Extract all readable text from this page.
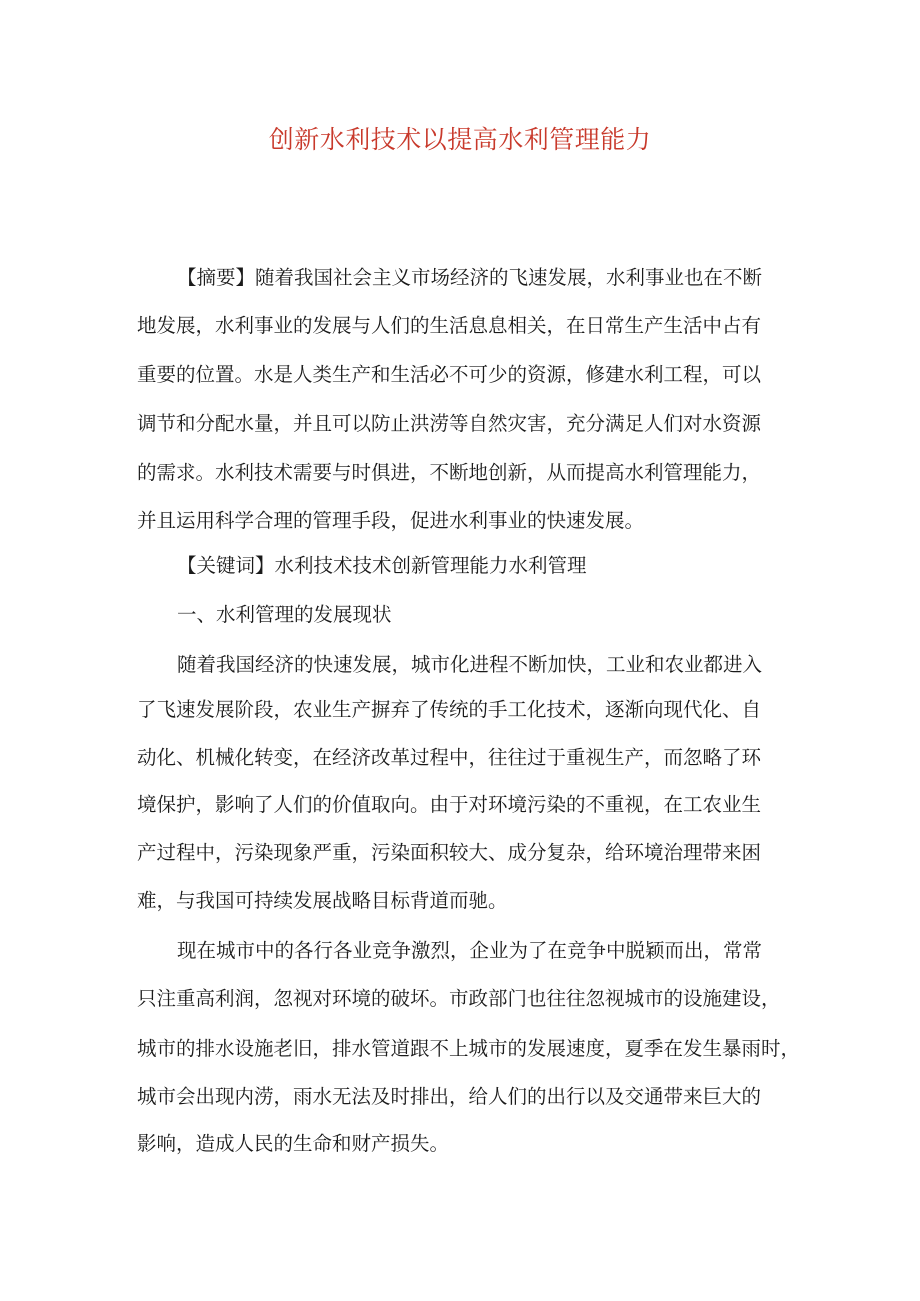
创新水利技术以提高水利管理能力

【摘要】随着我国社会主义市场经济的飞速发展，水利事业也在不断

地发展，水利事业的发展与人们的生活息息相关，在日常生产生活中占有

重要的位置。水是人类生产和生活必不可少的资源，修建水利工程，可以

调节和分配水量，并且可以防止洪涝等自然灾害，充分满足人们对水资源

的需求。水利技术需要与时俱进，不断地创新，从而提高水利管理能力，

并且运用科学合理的管理手段，促进水利事业的快速发展。

【关键词】水利技术技术创新管理能力水利管理

一、水利管理的发展现状

随着我国经济的快速发展，城市化进程不断加快，工业和农业都进入

了飞速发展阶段，农业生产摒弃了传统的手工化技术，逐渐向现代化、自

动化、机械化转变，在经济改革过程中，往往过于重视生产，而忽略了环

境保护，影响了人们的价值取向。由于对环境污染的不重视，在工农业生

产过程中，污染现象严重，污染面积较大、成分复杂，给环境治理带来困

难，与我国可持续发展战略目标背道而驰。

现在城市中的各行各业竞争激烈，企业为了在竞争中脱颖而出，常常

只注重高利润，忽视对环境的破坏。市政部门也往往忽视城市的设施建设，

城市的排水设施老旧，排水管道跟不上城市的发展速度，夏季在发生暴雨时，

城市会出现内涝，雨水无法及时排出，给人们的出行以及交通带来巨大的

影响，造成人民的生命和财产损失。
